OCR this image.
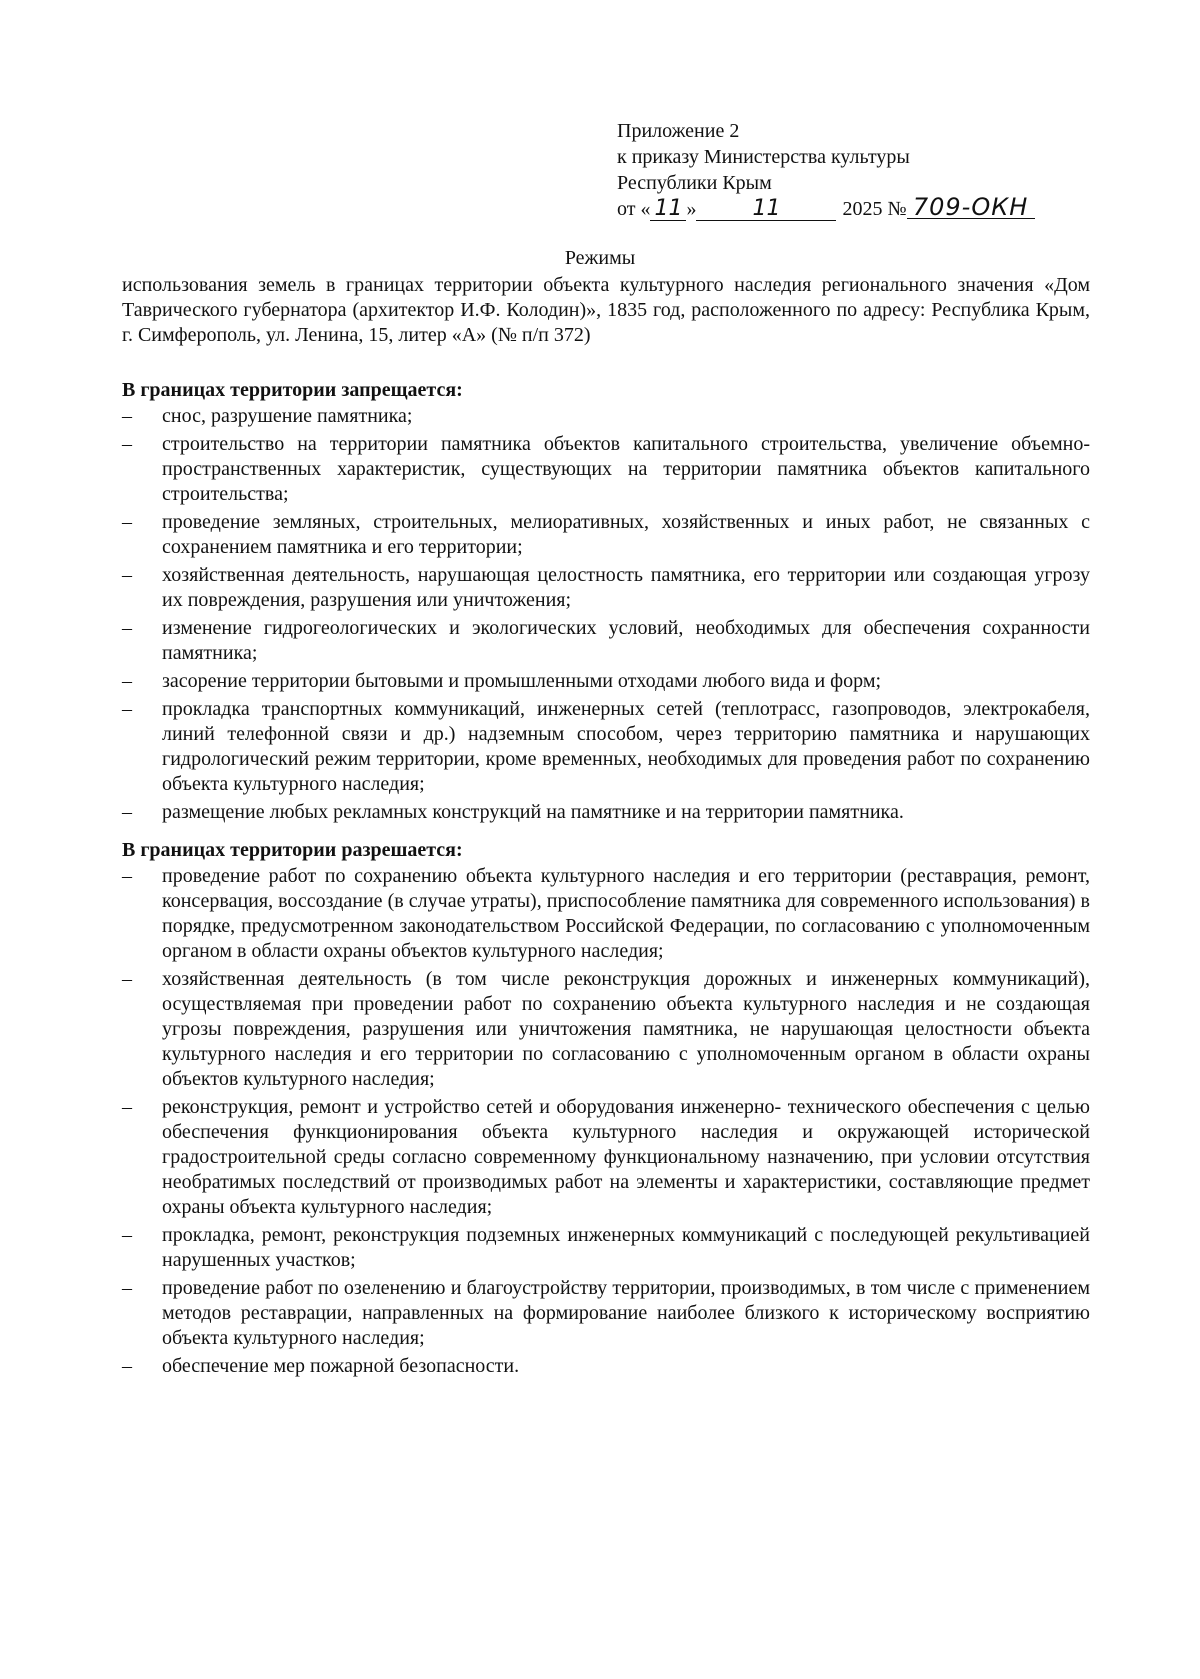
Приложение 2
к приказу Министерства культуры
Республики Крым
от « 11 »	11	2025 № 709-ОКН
Режимы
использования земель в границах территории объекта культурного наследия регионального значения «Дом Таврического губернатора (архитектор И.Ф. Колодин)», 1835 год, расположенного по адресу: Республика Крым, г. Симферополь, ул. Ленина, 15, литер «А» (№ п/п 372)
В границах территории запрещается:
– снос, разрушение памятника;
– строительство на территории памятника объектов капитального строительства, увеличение объемно-пространственных характеристик, существующих на территории памятника объектов капитального строительства;
– проведение земляных, строительных, мелиоративных, хозяйственных и иных работ, не связанных с сохранением памятника и его территории;
– хозяйственная деятельность, нарушающая целостность памятника, его территории или создающая угрозу их повреждения, разрушения или уничтожения;
– изменение гидрогеологических и экологических условий, необходимых для обеспечения сохранности памятника;
– засорение территории бытовыми и промышленными отходами любого вида и форм;
– прокладка транспортных коммуникаций, инженерных сетей (теплотрасс, газопроводов, электрокабеля, линий телефонной связи и др.) надземным способом, через территорию памятника и нарушающих гидрологический режим территории, кроме временных, необходимых для проведения работ по сохранению объекта культурного наследия;
– размещение любых рекламных конструкций на памятнике и на территории памятника.
В границах территории разрешается:
– проведение работ по сохранению объекта культурного наследия и его территории (реставрация, ремонт, консервация, воссоздание (в случае утраты), приспособление памятника для современного использования) в порядке, предусмотренном законодательством Российской Федерации, по согласованию с уполномоченным органом в области охраны объектов культурного наследия;
– хозяйственная деятельность (в том числе реконструкция дорожных и инженерных коммуникаций), осуществляемая при проведении работ по сохранению объекта культурного наследия и не создающая угрозы повреждения, разрушения или уничтожения памятника, не нарушающая целостности объекта культурного наследия и его территории по согласованию с уполномоченным органом в области охраны объектов культурного наследия;
– реконструкция, ремонт и устройство сетей и оборудования инженерно- технического обеспечения с целью обеспечения функционирования объекта культурного наследия и окружающей исторической градостроительной среды согласно современному функциональному назначению, при условии отсутствия необратимых последствий от производимых работ на элементы и характеристики, составляющие предмет охраны объекта культурного наследия;
– прокладка, ремонт, реконструкция подземных инженерных коммуникаций с последующей рекультивацией нарушенных участков;
– проведение работ по озеленению и благоустройству территории, производимых, в том числе с применением методов реставрации, направленных на формирование наиболее близкого к историческому восприятию объекта культурного наследия;
– обеспечение мер пожарной безопасности.
